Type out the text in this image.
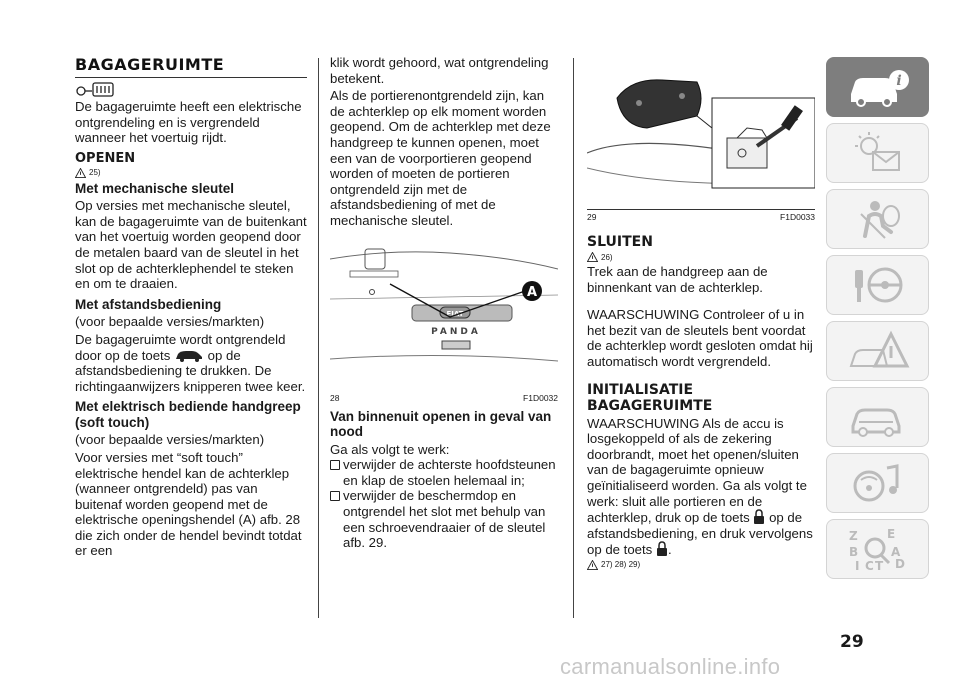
BAGAGERUIMTE

De bagageruimte heeft een elektrische ontgrendeling en is vergrendeld wanneer het voertuig rijdt.

OPENEN
25)
Met mechanische sleutel

Op versies met mechanische sleutel, kan de bagageruimte van de buitenkant van het voertuig worden geopend door de metalen baard van de sleutel in het slot op de achterklephendel te steken en om te draaien.

Met afstandsbediening

(voor bepaalde versies/markten)

De bagageruimte wordt ontgrendeld door op de toets	op de afstandsbediening te drukken. De richtingaanwijzers knipperen twee keer.

Met elektrisch bediende handgreep (soft touch)

(voor bepaalde versies/markten)

Voor versies met “soft touch” elektrische hendel kan de achterklep (wanneer ontgrendeld) pas van buitenaf worden geopend met de elektrische openingshendel (A) afb. 28 die zich onder de hendel bevindt totdat er een

klik wordt gehoord, wat ontgrendeling betekent.

Als de portierenontgrendeld zijn, kan de achterklep op elk moment worden geopend. Om de achterklep met deze handgreep te kunnen openen, moet een van de voorportieren geopend worden of moeten de portieren ontgrendeld zijn met de afstandsbediening of met de mechanische sleutel.

FIAT
PANDA
A
28	F1D0032
Van binnenuit openen in geval van nood

Ga als volgt te werk:

verwijder de achterste hoofdsteunen en klap de stoelen helemaal in;
verwijder de beschermdop en ontgrendel het slot met behulp van een schroevendraaier of de sleutel afb. 29.
29	F1D0033
SLUITEN
26)

Trek aan de handgreep aan de binnenkant van de achterklep.

WAARSCHUWING Controleer of u in het bezit van de sleutels bent voordat de achterklep wordt gesloten omdat hij automatisch wordt vergrendeld.

INITIALISATIE BAGAGERUIMTE

WAARSCHUWING Als de accu is losgekoppeld of als de zekering doorbrandt, moet het openen/sluiten van de bagageruimte opnieuw geïnitialiseerd worden. Ga als volgt te werk: sluit alle portieren en de achterklep, druk op de toets op de afstandsbediening, en druk vervolgens op de toets .

27) 28) 29)
i
Z E
B	A
I C T D
29
carmanualsonline.info
